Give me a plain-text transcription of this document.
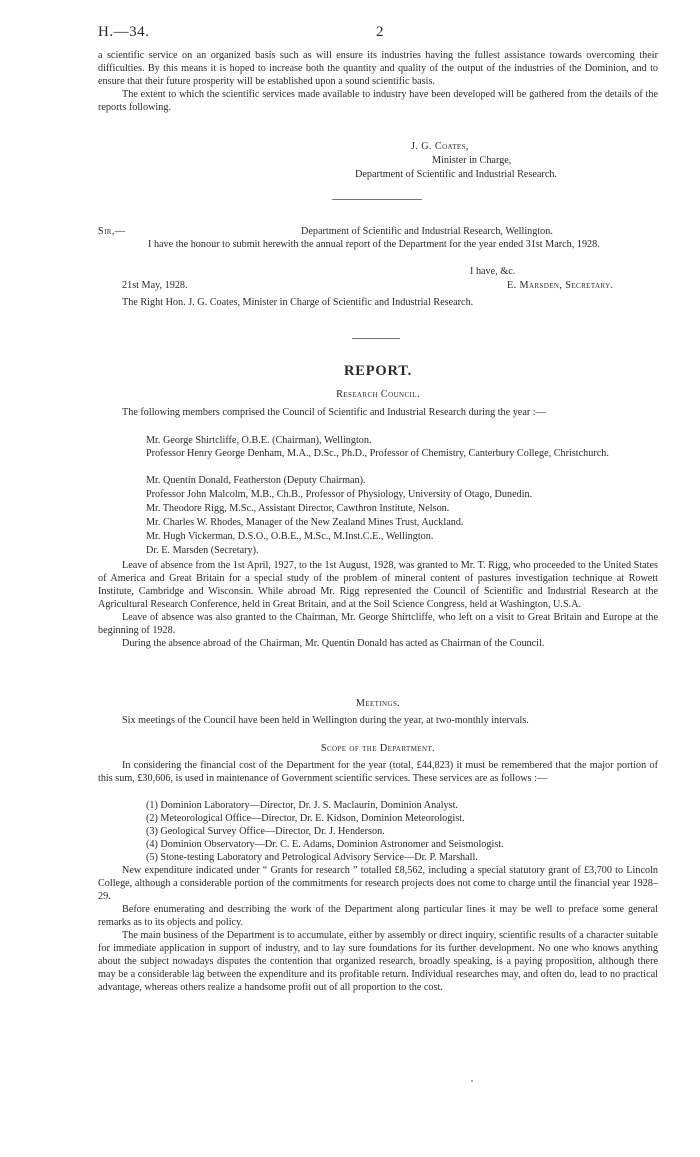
H.—34.	2

a scientific service on an organized basis such as will ensure its industries having the fullest assistance towards overcoming their difficulties. By this means it is hoped to increase both the quantity and quality of the output of the industries of the Dominion, and to ensure that their future prosperity will be established upon a sound scientific basis.

The extent to which the scientific services made available to industry have been developed will be gathered from the details of the reports following.

J. G. Coates,
Minister in Charge,
Department of Scientific and Industrial Research.
Sir,—	Department of Scientific and Industrial Research, Wellington.

I have the honour to submit herewith the annual report of the Department for the year ended 31st March, 1928.

I have, &c.
21st May, 1928.	E. Marsden, Secretary.
The Right Hon. J. G. Coates, Minister in Charge of Scientific and Industrial Research.
REPORT.
Research Council.

The following members comprised the Council of Scientific and Industrial Research during the year :—

Mr. George Shirtcliffe, O.B.E. (Chairman), Wellington.

Professor Henry George Denham, M.A., D.Sc., Ph.D., Professor of Chemistry, Canterbury College, Christchurch.

Mr. Quentin Donald, Featherston (Deputy Chairman).
Professor John Malcolm, M.B., Ch.B., Professor of Physiology, University of Otago, Dunedin.
Mr. Theodore Rigg, M.Sc., Assistant Director, Cawthron Institute, Nelson.
Mr. Charles W. Rhodes, Manager of the New Zealand Mines Trust, Auckland.
Mr. Hugh Vickerman, D.S.O., O.B.E., M.Sc., M.Inst.C.E., Wellington.
Dr. E. Marsden (Secretary).

Leave of absence from the 1st April, 1927, to the 1st August, 1928, was granted to Mr. T. Rigg, who proceeded to the United States of America and Great Britain for a special study of the problem of mineral content of pastures investigation technique at Rowett Institute, Cambridge and Wisconsin. While abroad Mr. Rigg represented the Council of Scientific and Industrial Research at the Agricultural Research Conference, held in Great Britain, and at the Soil Science Congress, held at Washington, U.S.A.

Leave of absence was also granted to the Chairman, Mr. George Shirtcliffe, who left on a visit to Great Britain and Europe at the beginning of 1928.

During the absence abroad of the Chairman, Mr. Quentin Donald has acted as Chairman of the Council.

Meetings.

Six meetings of the Council have been held in Wellington during the year, at two-monthly intervals.

Scope of the Department.

In considering the financial cost of the Department for the year (total, £44,823) it must be remembered that the major portion of this sum, £30,606, is used in maintenance of Government scientific services. These services are as follows :—

(1) Dominion Laboratory—Director, Dr. J. S. Maclaurin, Dominion Analyst.
(2) Meteorological Office—Director, Dr. E. Kidson, Dominion Meteorologist.
(3) Geological Survey Office—Director, Dr. J. Henderson.
(4) Dominion Observatory—Dr. C. E. Adams, Dominion Astronomer and Seismologist.
(5) Stone-testing Laboratory and Petrological Advisory Service—Dr. P. Marshall.

New expenditure indicated under “ Grants for research ” totalled £8,562, including a special statutory grant of £3,700 to Lincoln College, although a considerable portion of the commitments for research projects does not come to charge until the financial year 1928–29.

Before enumerating and describing the work of the Department along particular lines it may be well to preface some general remarks as to its objects and policy.

The main business of the Department is to accumulate, either by assembly or direct inquiry, scientific results of a character suitable for immediate application in support of industry, and to lay sure foundations for its further development. No one who knows anything about the subject nowadays disputes the contention that organized research, broadly speaking, is a paying proposition, although there may be a considerable lag between the expenditure and its profitable return. Individual researches may, and often do, lead to no practical advantage, whereas others realize a handsome profit out of all proportion to the cost.
